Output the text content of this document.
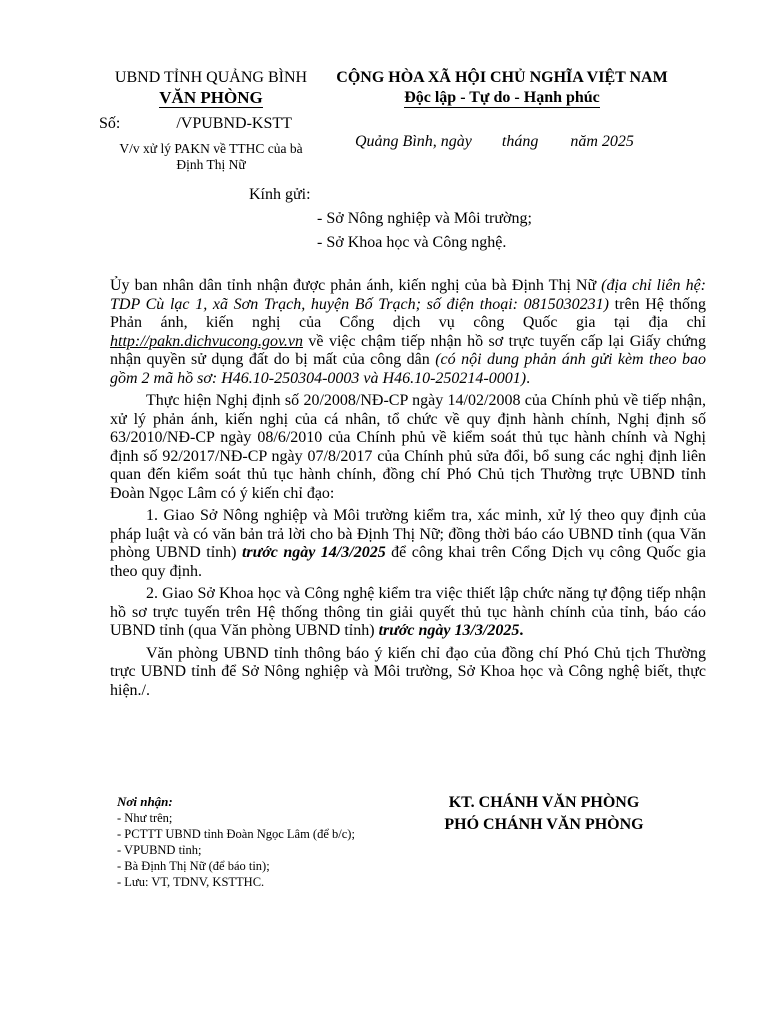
UBND TỈNH QUẢNG BÌNH
VĂN PHÒNG
CỘNG HÒA XÃ HỘI CHỦ NGHĨA VIỆT NAM
Độc lập - Tự do - Hạnh phúc
Số:	/VPUBND-KSTT

Quảng Bình, ngày tháng năm 2025

V/v xử lý PAKN về TTHC của bà
Định Thị Nữ
Kính gửi:
- Sở Nông nghiệp và Môi trường;
- Sở Khoa học và Công nghệ.

Ủy ban nhân dân tỉnh nhận được phản ánh, kiến nghị của bà Định Thị Nữ (địa chỉ liên hệ: TDP Cù lạc 1, xã Sơn Trạch, huyện Bố Trạch; số điện thoại: 0815030231) trên Hệ thống Phản ánh, kiến nghị của Cổng dịch vụ công Quốc gia tại địa chỉ http://pakn.dichvucong.gov.vn về việc chậm tiếp nhận hồ sơ trực tuyến cấp lại Giấy chứng nhận quyền sử dụng đất do bị mất của công dân (có nội dung phản ánh gửi kèm theo bao gồm 2 mã hồ sơ: H46.10-250304-0003 và H46.10-250214-0001).

Thực hiện Nghị định số 20/2008/NĐ-CP ngày 14/02/2008 của Chính phủ về tiếp nhận, xử lý phản ánh, kiến nghị của cá nhân, tổ chức về quy định hành chính, Nghị định số 63/2010/NĐ-CP ngày 08/6/2010 của Chính phủ về kiểm soát thủ tục hành chính và Nghị định số 92/2017/NĐ-CP ngày 07/8/2017 của Chính phủ sửa đổi, bổ sung các nghị định liên quan đến kiểm soát thủ tục hành chính, đồng chí Phó Chủ tịch Thường trực UBND tỉnh Đoàn Ngọc Lâm có ý kiến chỉ đạo:

1. Giao Sở Nông nghiệp và Môi trường kiểm tra, xác minh, xử lý theo quy định của pháp luật và có văn bản trả lời cho bà Định Thị Nữ; đồng thời báo cáo UBND tỉnh (qua Văn phòng UBND tỉnh) trước ngày 14/3/2025 để công khai trên Cổng Dịch vụ công Quốc gia theo quy định.

2. Giao Sở Khoa học và Công nghệ kiểm tra việc thiết lập chức năng tự động tiếp nhận hồ sơ trực tuyến trên Hệ thống thông tin giải quyết thủ tục hành chính của tỉnh, báo cáo UBND tỉnh (qua Văn phòng UBND tỉnh) trước ngày 13/3/2025.

Văn phòng UBND tỉnh thông báo ý kiến chỉ đạo của đồng chí Phó Chủ tịch Thường trực UBND tỉnh để Sở Nông nghiệp và Môi trường, Sở Khoa học và Công nghệ biết, thực hiện./.

Nơi nhận:
- Như trên;
- PCTTT UBND tỉnh Đoàn Ngọc Lâm (để b/c);
- VPUBND tỉnh;
- Bà Định Thị Nữ (để báo tin);
- Lưu: VT, TDNV, KSTTHC.
KT. CHÁNH VĂN PHÒNG
PHÓ CHÁNH VĂN PHÒNG
